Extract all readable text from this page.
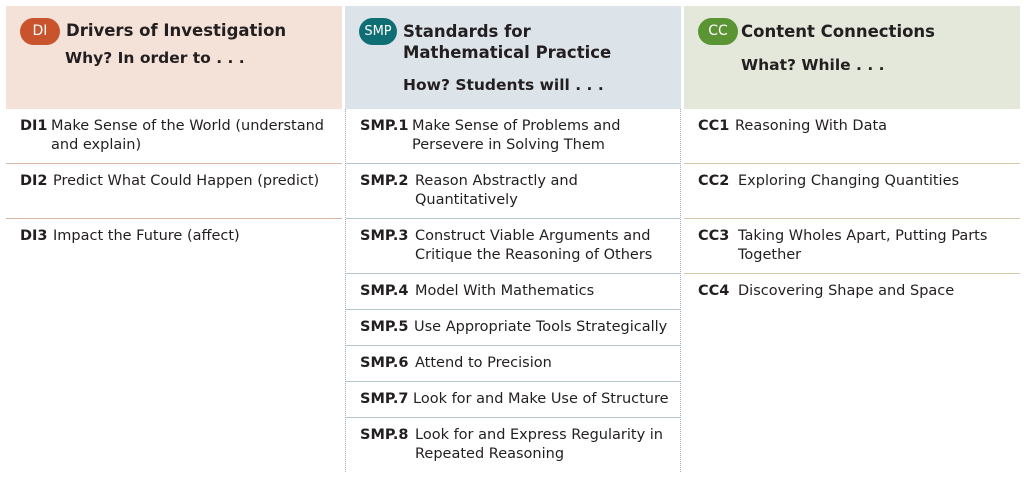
DI	Drivers of Investigation
Why? In order to . . .
DI1 Make Sense of the World (understand and explain)
DI2 Predict What Could Happen (predict)
DI3 Impact the Future (affect)
SMP Standards for
Mathematical Practice
How? Students will . . .
SMP.1 Make Sense of Problems and Persevere in Solving Them
SMP.2 Reason Abstractly and Quantitatively
SMP.3 Construct Viable Arguments and Critique the Reasoning of Others
SMP.4 Model With Mathematics
SMP.5 Use Appropriate Tools Strategically
SMP.6 Attend to Precision
SMP.7 Look for and Make Use of Structure
SMP.8 Look for and Express Regularity in Repeated Reasoning
CC Content Connections
What? While . . .
CC1 Reasoning With Data
CC2 Exploring Changing Quantities
CC3 Taking Wholes Apart, Putting Parts Together
CC4 Discovering Shape and Space
